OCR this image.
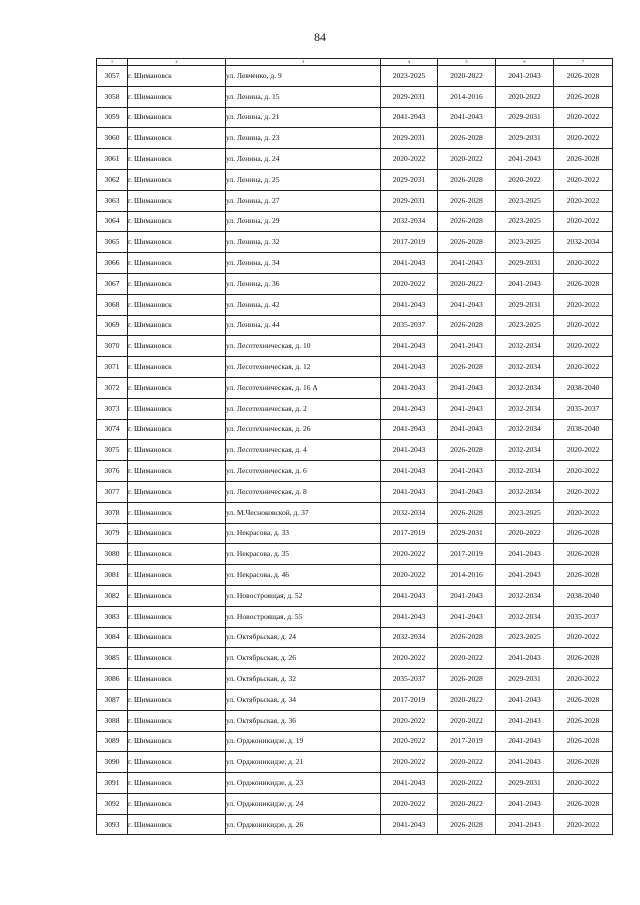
84
1	2	3	4	5	6	7
3057	г. Шимановск	ул. Левченко, д. 9	2023-2025	2020-2022	2041-2043	2026-2028
3058	г. Шимановск	ул. Ленина, д. 15	2029-2031	2014-2016	2020-2022	2026-2028
3059	г. Шимановск	ул. Ленина, д. 21	2041-2043	2041-2043	2029-2031	2020-2022
3060	г. Шимановск	ул. Ленина, д. 23	2029-2031	2026-2028	2029-2031	2020-2022
3061	г. Шимановск	ул. Ленина, д. 24	2020-2022	2020-2022	2041-2043	2026-2028
3062	г. Шимановск	ул. Ленина, д. 25	2029-2031	2026-2028	2020-2022	2020-2022
3063	г. Шимановск	ул. Ленина, д. 27	2029-2031	2026-2028	2023-2025	2020-2022
3064	г. Шимановск	ул. Ленина, д. 29	2032-2034	2026-2028	2023-2025	2020-2022
3065	г. Шимановск	ул. Ленина, д. 32	2017-2019	2026-2028	2023-2025	2032-2034
3066	г. Шимановск	ул. Ленина, д. 34	2041-2043	2041-2043	2029-2031	2020-2022
3067	г. Шимановск	ул. Ленина, д. 36	2020-2022	2020-2022	2041-2043	2026-2028
3068	г. Шимановск	ул. Ленина, д. 42	2041-2043	2041-2043	2029-2031	2020-2022
3069	г. Шимановск	ул. Ленина, д. 44	2035-2037	2026-2028	2023-2025	2020-2022
3070	г. Шимановск	ул. Лесотехническая, д. 10	2041-2043	2041-2043	2032-2034	2020-2022
3071	г. Шимановск	ул. Лесотехническая, д. 12	2041-2043	2026-2028	2032-2034	2020-2022
3072	г. Шимановск	ул. Лесотехническая, д. 16 А	2041-2043	2041-2043	2032-2034	2038-2040
3073	г. Шимановск	ул. Лесотехническая, д. 2	2041-2043	2041-2043	2032-2034	2035-2037
3074	г. Шимановск	ул. Лесотехническая, д. 26	2041-2043	2041-2043	2032-2034	2038-2040
3075	г. Шимановск	ул. Лесотехническая, д. 4	2041-2043	2026-2028	2032-2034	2020-2022
3076	г. Шимановск	ул. Лесотехническая, д. 6	2041-2043	2041-2043	2032-2034	2020-2022
3077	г. Шимановск	ул. Лесотехническая, д. 8	2041-2043	2041-2043	2032-2034	2020-2022
3078	г. Шимановск	ул. М.Чесноковской, д. 37	2032-2034	2026-2028	2023-2025	2020-2022
3079	г. Шимановск	ул. Некрасова, д. 33	2017-2019	2029-2031	2020-2022	2026-2028
3080	г. Шимановск	ул. Некрасова, д. 35	2020-2022	2017-2019	2041-2043	2026-2028
3081	г. Шимановск	ул. Некрасова, д. 46	2020-2022	2014-2016	2041-2043	2026-2028
3082	г. Шимановск	ул. Новостроящая, д. 52	2041-2043	2041-2043	2032-2034	2038-2040
3083	г. Шимановск	ул. Новостроящая, д. 55	2041-2043	2041-2043	2032-2034	2035-2037
3084	г. Шимановск	ул. Октябрьская, д. 24	2032-2034	2026-2028	2023-2025	2020-2022
3085	г. Шимановск	ул. Октябрьская, д. 26	2020-2022	2020-2022	2041-2043	2026-2028
3086	г. Шимановск	ул. Октябрьская, д. 32	2035-2037	2026-2028	2029-2031	2020-2022
3087	г. Шимановск	ул. Октябрьская, д. 34	2017-2019	2020-2022	2041-2043	2026-2028
3088	г. Шимановск	ул. Октябрьская, д. 36	2020-2022	2020-2022	2041-2043	2026-2028
3089	г. Шимановск	ул. Орджоникидзе, д. 19	2020-2022	2017-2019	2041-2043	2026-2028
3090	г. Шимановск	ул. Орджоникидзе, д. 21	2020-2022	2020-2022	2041-2043	2026-2028
3091	г. Шимановск	ул. Орджоникидзе, д. 23	2041-2043	2020-2022	2029-2031	2020-2022
3092	г. Шимановск	ул. Орджоникидзе, д. 24	2020-2022	2020-2022	2041-2043	2026-2028
3093	г. Шимановск	ул. Орджоникидзе, д. 26	2041-2043	2026-2028	2041-2043	2020-2022
